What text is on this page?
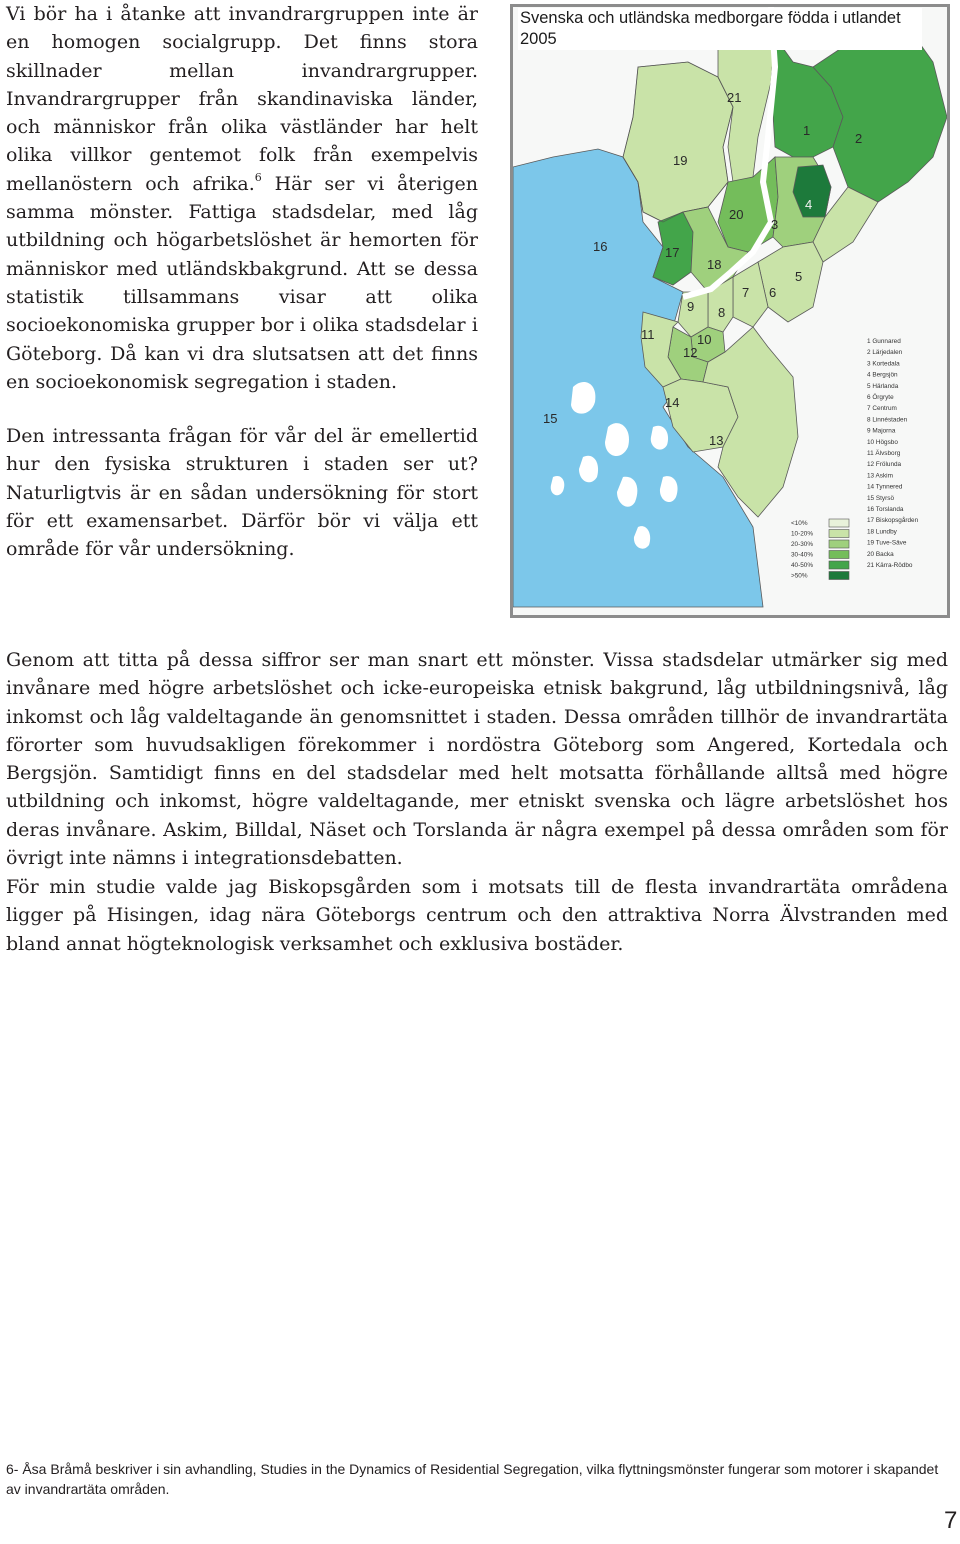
Vi bör ha i åtanke att invandrargruppen inte är en homogen socialgrupp. Det finns stora skillnader mellan invandrargrupper. Invandrargrupper från skandinaviska länder, och människor från olika västländer har helt olika villkor gentemot folk från exempelvis mellanöstern och afrika.$^6$ Här ser vi återigen samma mönster. Fattiga stadsdelar, med låg utbildning och högarbetslöshet är hemorten för människor med utländskbakgrund. Att se dessa statistik tillsammans visar att olika socioekonomiska grupper bor i olika stadsdelar i Göteborg. Då kan vi dra slutsatsen att det finns en socioekonomisk segregation i staden.

Den intressanta frågan för vår del är emellertid hur den fysiska strukturen i staden ser ut? Naturligtvis är en sådan undersökning för stort för ett examensarbet. Därför bör vi välja ett område för vår undersökning.

1
2
3
4
5
6
7
8
9
10
11
12
13
14
15
16	17
18
19
20
21
1 Gunnared
2 Lärjedalen
3 Kortedala
4 Bergsjön
5 Härlanda
6 Örgryte
7 Centrum
8 Linnéstaden
9 Majorna
10 Högsbo
11 Älvsborg
12 Frölunda
13 Askim
14 Tynnered
15 Styrsö
16 Torslanda
17 Biskopsgården
18 Lundby
19 Tuve-Säve
20 Backa
21 Kärra-Rödbo
<10%
10-20%
20-30%
30-40%
40-50%
>50%
Svenska och utländska medborgare födda i utlandet 2005

Genom att titta på dessa siffror ser man snart ett mönster. Vissa stadsdelar utmärker sig med invånare med högre arbetslöshet och icke-europeiska etnisk bakgrund, låg utbildningsnivå, låg inkomst och låg valdeltagande än genomsnittet i staden. Dessa områden tillhör de invandrartäta förorter som huvudsakligen förekommer i nordöstra Göteborg som Angered, Kortedala och Bergsjön. Samtidigt finns en del stadsdelar med helt motsatta förhållande alltså med högre utbildning och inkomst, högre valdeltagande, mer etniskt svenska och lägre arbetslöshet hos deras invånare. Askim, Billdal, Näset och Torslanda är några exempel på dessa områden som för övrigt inte nämns i integrationsdebatten.

För min studie valde jag Biskopsgården som i motsats till de flesta invandrartäta områdena ligger på Hisingen, idag nära Göteborgs centrum och den attraktiva Norra Älvstranden med bland annat högteknologisk verksamhet och exklusiva bostäder.

6- Åsa Bråmå beskriver i sin avhandling, Studies in the Dynamics of Residential Segregation, vilka flyttningsmönster fungerar som motorer i skapandet av invandrartäta områden.

7
